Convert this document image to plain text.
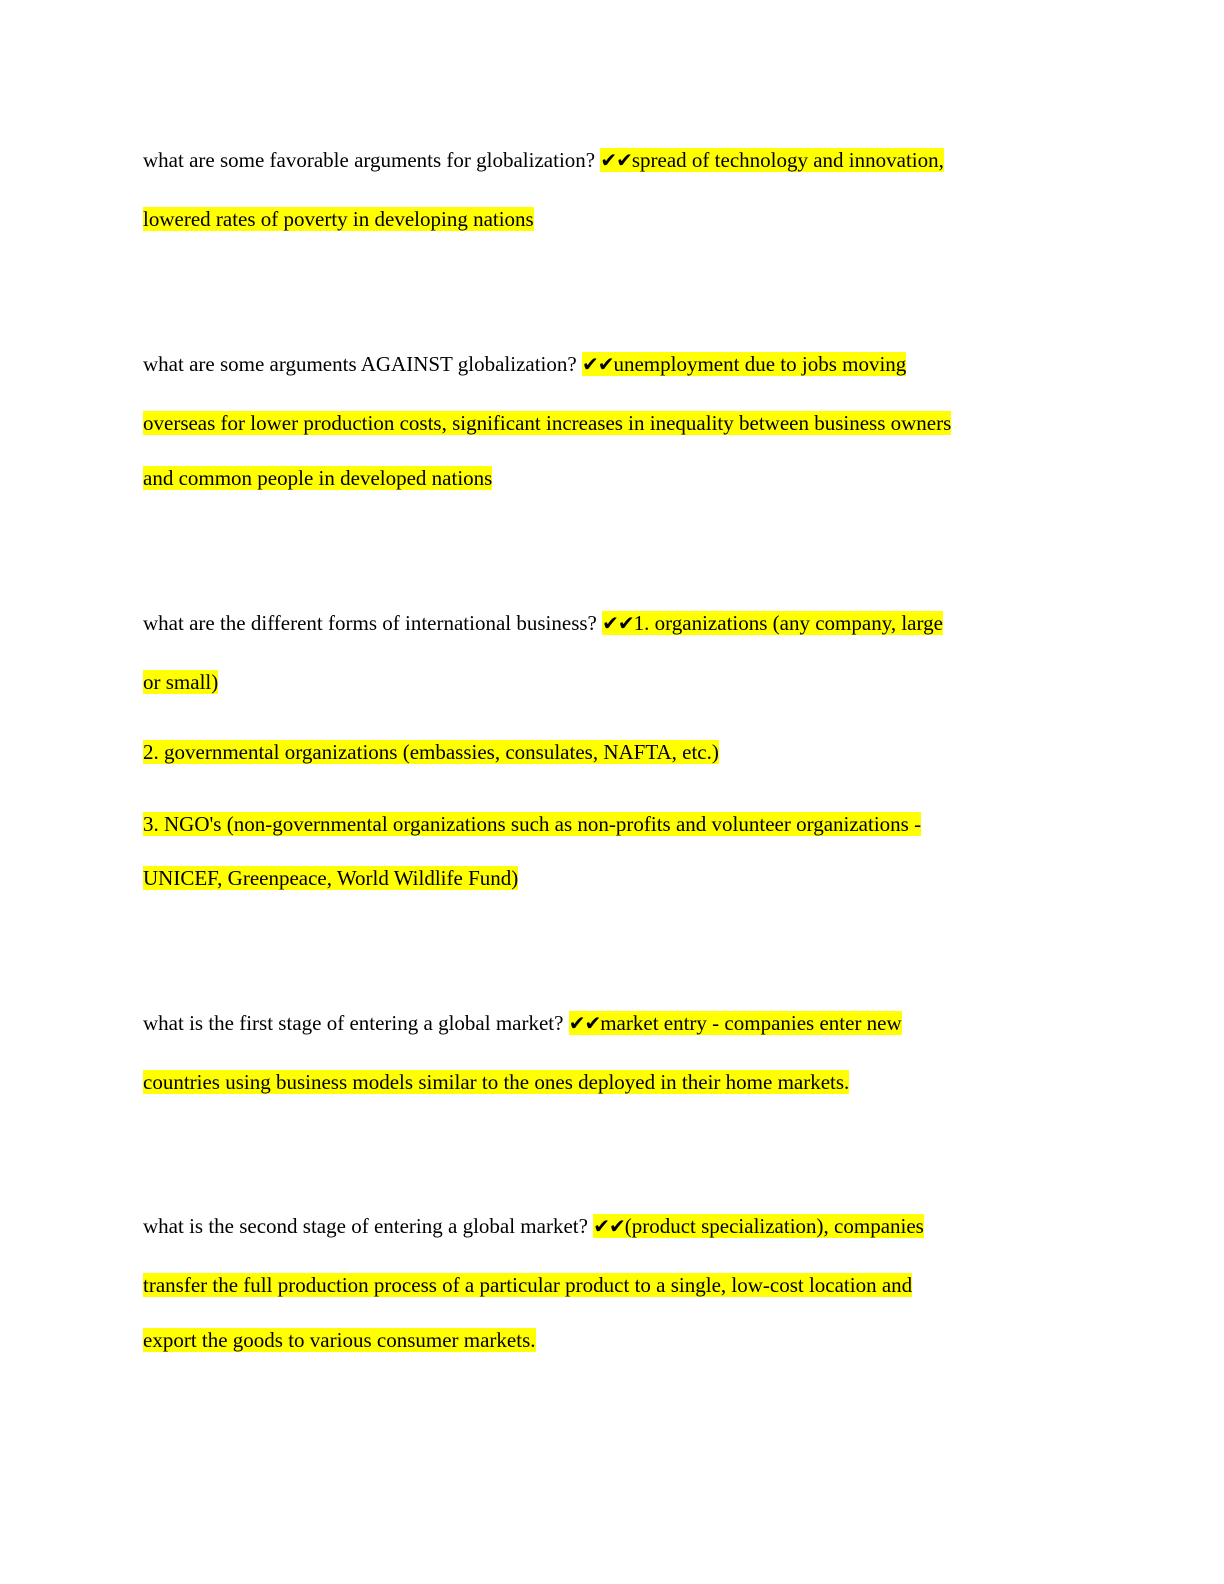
what are some favorable arguments for globalization? ✔✔spread of technology and innovation,
lowered rates of poverty in developing nations
what are some arguments AGAINST globalization? ✔✔unemployment due to jobs moving
overseas for lower production costs, significant increases in inequality between business owners
and common people in developed nations
what are the different forms of international business? ✔✔1. organizations (any company, large
or small)
2. governmental organizations (embassies, consulates, NAFTA, etc.)
3. NGO's (non-governmental organizations such as non-profits and volunteer organizations -
UNICEF, Greenpeace, World Wildlife Fund)
what is the first stage of entering a global market? ✔✔market entry - companies enter new
countries using business models similar to the ones deployed in their home markets.
what is the second stage of entering a global market? ✔✔(product specialization), companies
transfer the full production process of a particular product to a single, low-cost location and
export the goods to various consumer markets.
